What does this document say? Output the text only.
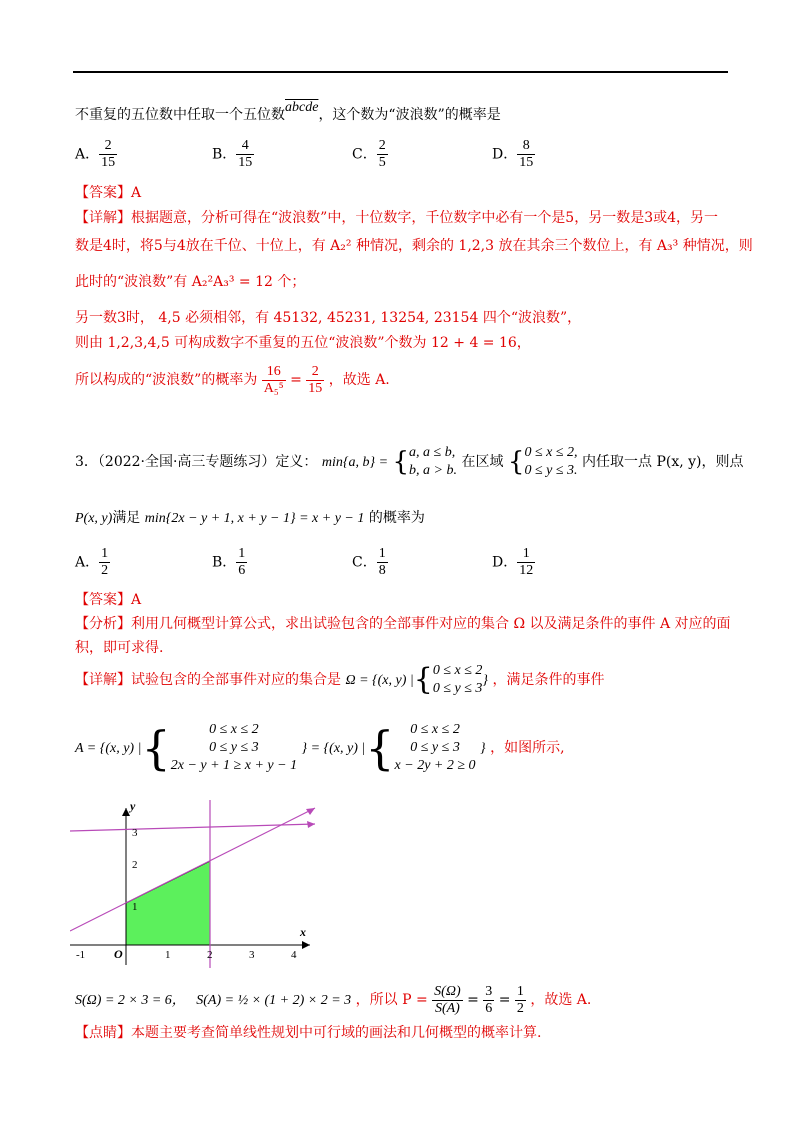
不重复的五位数中任取一个五位数abcde，这个数为“波浪数”的概率是
A． $\frac{2}{15}$	B． $\frac{4}{15}$	C． $\frac{2}{5}$	D． $\frac{8}{15}$
【答案】A
【详解】根据题意，分析可得在“波浪数”中，十位数字，千位数字中必有一个是5，另一数是3或4，另一
数是4时，将5与4放在千位、十位上，有 A₂² 种情况，剩余的 1,2,3 放在其余三个数位上，有 A₃³ 种情况，则
此时的“波浪数”有 A₂²A₃³ = 12 个；
另一数3时， 4,5 必须相邻，有 45132, 45231, 13254, 23154 四个“波浪数”，
则由 1,2,3,4,5 可构成数字不重复的五位“波浪数”个数为 12 + 4 = 16，
所以构成的“波浪数”的概率为 $\frac{16}{\text{A₅⁵}} = \frac{2}{15}$ ，故选 A.
3．（2022·全国·高三专题练习）定义： min{a, b} = { a, a ≤ b,
b, a > b.
在区域 { 0 ≤ x ≤ 2,
0 ≤ y ≤ 3.
内任取一点 P(x, y)，则点
P(x, y)满足 min{2x − y + 1, x + y − 1} = x + y − 1 的概率为
A． $\frac{1}{2}$	B． $\frac{1}{6}$	C． $\frac{1}{8}$	D． $\frac{1}{12}$
【答案】A
【分析】利用几何概型计算公式，求出试验包含的全部事件对应的集合 Ω 以及满足条件的事件 A 对应的面
积，即可求得.
【详解】试验包含的全部事件对应的集合是 Ω = {(x, y) |{ 0 ≤ x ≤ 2
0 ≤ y ≤ 3
} ，满足条件的事件
A = {(x, y) |{	0 ≤ x ≤ 2
0 ≤ y ≤ 3
2x − y + 1 ≥ x + y − 1
} = {(x, y) |{	0 ≤ x ≤ 2
0 ≤ y ≤ 3
x − 2y + 2 ≥ 0
} ，如图所示,
x
y
O
-1	1	2	3	4
1
2
3
S(Ω) = 2 × 3 = 6， S(A) = ½ × (1 + 2) × 2 = 3 ，所以 $P = \frac{S(\Omega)}{S(A)} = \frac{3}{6} = \frac{1}{2}$ ，故选 A.
【点睛】本题主要考查简单线性规划中可行域的画法和几何概型的概率计算.
